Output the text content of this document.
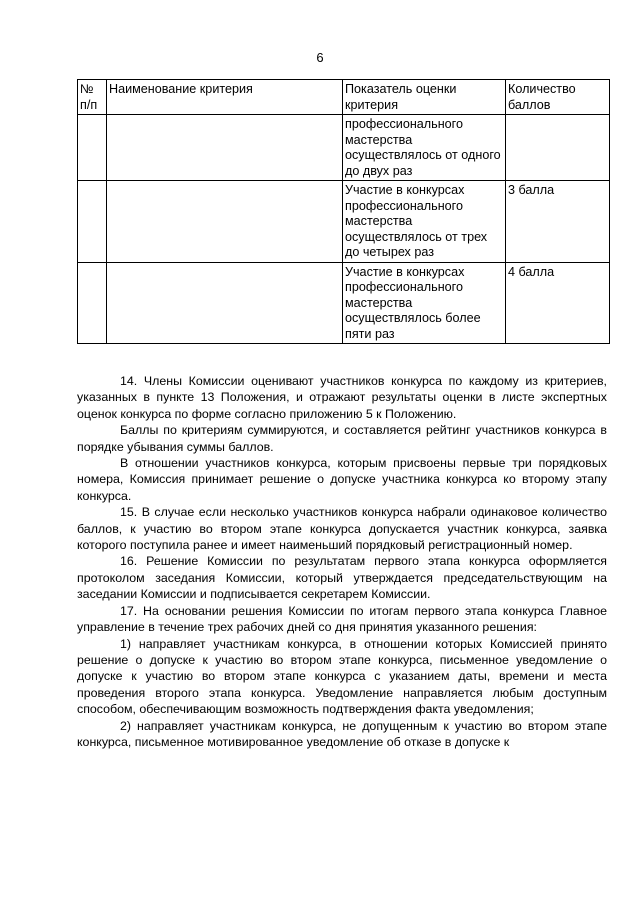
6
№ п/п	Наименование критерия	Показатель оценки критерия	Количество баллов
		профессионального мастерства осуществлялось от одного до двух раз	
		Участие в конкурсах профессионального мастерства осуществлялось от трех до четырех раз	3 балла
		Участие в конкурсах профессионального мастерства осуществлялось более пяти раз	4 балла

14. Члены Комиссии оценивают участников конкурса по каждому из критериев, указанных в пункте 13 Положения, и отражают результаты оценки в листе экспертных оценок конкурса по форме согласно приложению 5 к Положению.

Баллы по критериям суммируются, и составляется рейтинг участников конкурса в порядке убывания суммы баллов.

В отношении участников конкурса, которым присвоены первые три порядковых номера, Комиссия принимает решение о допуске участника конкурса ко второму этапу конкурса.

15. В случае если несколько участников конкурса набрали одинаковое количество баллов, к участию во втором этапе конкурса допускается участник конкурса, заявка которого поступила ранее и имеет наименьший порядковый регистрационный номер.

16. Решение Комиссии по результатам первого этапа конкурса оформляется протоколом заседания Комиссии, который утверждается председательствующим на заседании Комиссии и подписывается секретарем Комиссии.

17. На основании решения Комиссии по итогам первого этапа конкурса Главное управление в течение трех рабочих дней со дня принятия указанного решения:

1) направляет участникам конкурса, в отношении которых Комиссией принято решение о допуске к участию во втором этапе конкурса, письменное уведомление о допуске к участию во втором этапе конкурса с указанием даты, времени и места проведения второго этапа конкурса. Уведомление направляется любым доступным способом, обеспечивающим возможность подтверждения факта уведомления;

2) направляет участникам конкурса, не допущенным к участию во втором этапе конкурса, письменное мотивированное уведомление об отказе в допуске к
